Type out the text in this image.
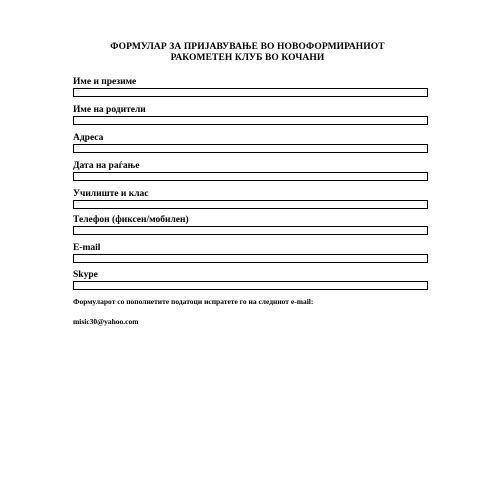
ФОРМУЛАР ЗА ПРИЈАВУВАЊЕ ВО НОВОФОРМИРАНИОТ
РАКОМЕТЕН КЛУБ ВО КОЧАНИ
Име и презиме
Име на родители
Адреса
Дата на раѓање
Училиште и клас
Телефон (фиксен/мобилен)
E-mail
Skype
Формуларот со пополнетите податоци испратете го на следниот e-mail:
misic30@yahoo.com
